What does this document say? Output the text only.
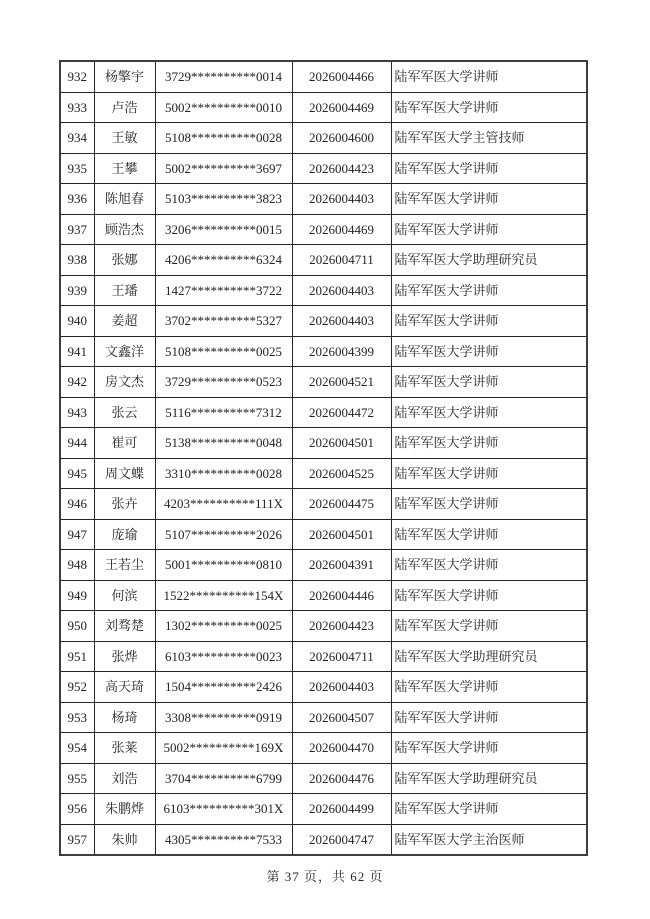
932	杨擎宇	3729**********0014	2026004466	陆军军医大学讲师
933	卢浩	5002**********0010	2026004469	陆军军医大学讲师
934	王敏	5108**********0028	2026004600	陆军军医大学主管技师
935	王攀	5002**********3697	2026004423	陆军军医大学讲师
936	陈旭春	5103**********3823	2026004403	陆军军医大学讲师
937	顾浩杰	3206**********0015	2026004469	陆军军医大学讲师
938	张娜	4206**********6324	2026004711	陆军军医大学助理研究员
939	王璠	1427**********3722	2026004403	陆军军医大学讲师
940	姜超	3702**********5327	2026004403	陆军军医大学讲师
941	文鑫洋	5108**********0025	2026004399	陆军军医大学讲师
942	房文杰	3729**********0523	2026004521	陆军军医大学讲师
943	张云	5116**********7312	2026004472	陆军军医大学讲师
944	崔可	5138**********0048	2026004501	陆军军医大学讲师
945	周文蝶	3310**********0028	2026004525	陆军军医大学讲师
946	张卉	4203**********111X	2026004475	陆军军医大学讲师
947	庞瑜	5107**********2026	2026004501	陆军军医大学讲师
948	王若尘	5001**********0810	2026004391	陆军军医大学讲师
949	何滨	1522**********154X	2026004446	陆军军医大学讲师
950	刘骛楚	1302**********0025	2026004423	陆军军医大学讲师
951	张烨	6103**********0023	2026004711	陆军军医大学助理研究员
952	高天琦	1504**********2426	2026004403	陆军军医大学讲师
953	杨琦	3308**********0919	2026004507	陆军军医大学讲师
954	张莱	5002**********169X	2026004470	陆军军医大学讲师
955	刘浩	3704**********6799	2026004476	陆军军医大学助理研究员
956	朱鹏烨	6103**********301X	2026004499	陆军军医大学讲师
957	朱帅	4305**********7533	2026004747	陆军军医大学主治医师
第 37 页，共 62 页
